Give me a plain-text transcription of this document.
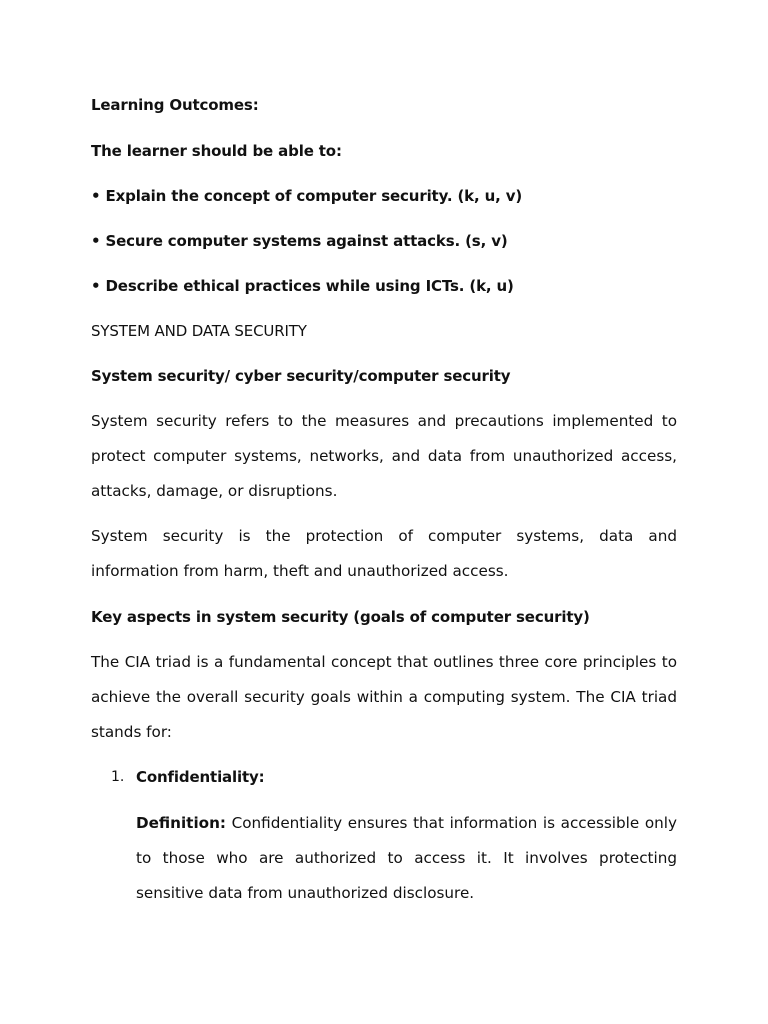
Learning Outcomes:

The learner should be able to:

• Explain the concept of computer security. (k, u, v)

• Secure computer systems against attacks. (s, v)

• Describe ethical practices while using ICTs. (k, u)

SYSTEM AND DATA SECURITY

System security/ cyber security/computer security

System security refers to the measures and precautions implemented to protect computer systems, networks, and data from unauthorized access, attacks, damage, or disruptions.

System security is the protection of computer systems, data and information from harm, theft and unauthorized access.

Key aspects in system security (goals of computer security)

The CIA triad is a fundamental concept that outlines three core principles to achieve the overall security goals within a computing system. The CIA triad stands for:

1. Confidentiality:

Definition: Confidentiality ensures that information is accessible only to those who are authorized to access it. It involves protecting sensitive data from unauthorized disclosure.
